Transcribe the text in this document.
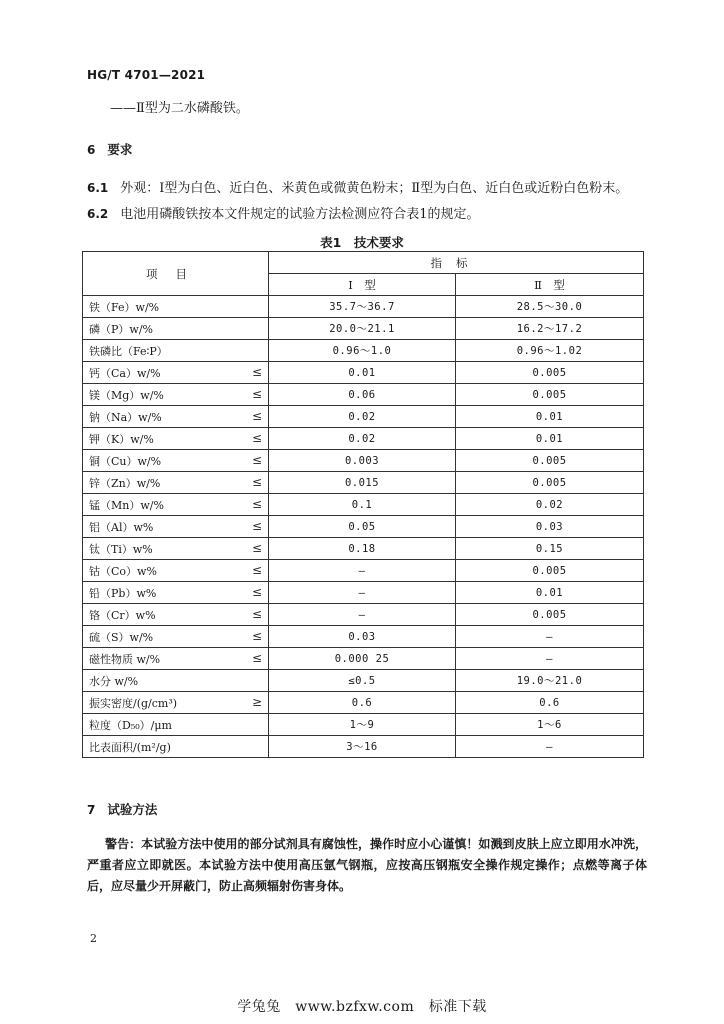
HG/T 4701—2021
——Ⅱ型为二水磷酸铁。
6 要求
6.1 外观：Ⅰ型为白色、近白色、米黄色或微黄色粉末；Ⅱ型为白色、近白色或近粉白色粉末。
6.2 电池用磷酸铁按本文件规定的试验方法检测应符合表1的规定。
表1　技术要求
项目	指标	
	Ⅰ　型	Ⅱ　型

铁（Fe）w/%	35.7～36.7	28.5～30.0

磷（P）w/%	20.0～21.1	16.2～17.2

铁磷比（Fe∶P）	0.96～1.0	0.96～1.02

钙（Ca）w/% ≤	0.01	0.005

镁（Mg）w/% ≤	0.06	0.005

钠（Na）w/% ≤	0.02	0.01

钾（K）w/% ≤	0.02	0.01

铜（Cu）w/% ≤	0.003	0.005

锌（Zn）w/% ≤	0.015	0.005

锰（Mn）w/% ≤	0.1	0.02

铝（Al）w% ≤	0.05	0.03

钛（Ti）w% ≤	0.18	0.15

钴（Co）w% ≤	—	0.005

铅（Pb）w% ≤	—	0.01

铬（Cr）w% ≤	—	0.005

硫（S）w/% ≤	0.03	—

磁性物质 w/% ≤	0.000 25	—

水分 w/%	≤0.5	19.0～21.0

振实密度/(g/cm³) ≥	0.6	0.6

粒度（D₅₀）/μm	1～9	1～6

比表面积/(m²/g)	3～16	—
7 试验方法
警告：本试验方法中使用的部分试剂具有腐蚀性，操作时应小心谨慎！如溅到皮肤上应立即用水冲洗，严重者应立即就医。本试验方法中使用高压氩气钢瓶，应按高压钢瓶安全操作规定操作；点燃等离子体后，应尽量少开屏蔽门，防止高频辐射伤害身体。
2
学兔兔　www.bzfxw.com　标准下载
